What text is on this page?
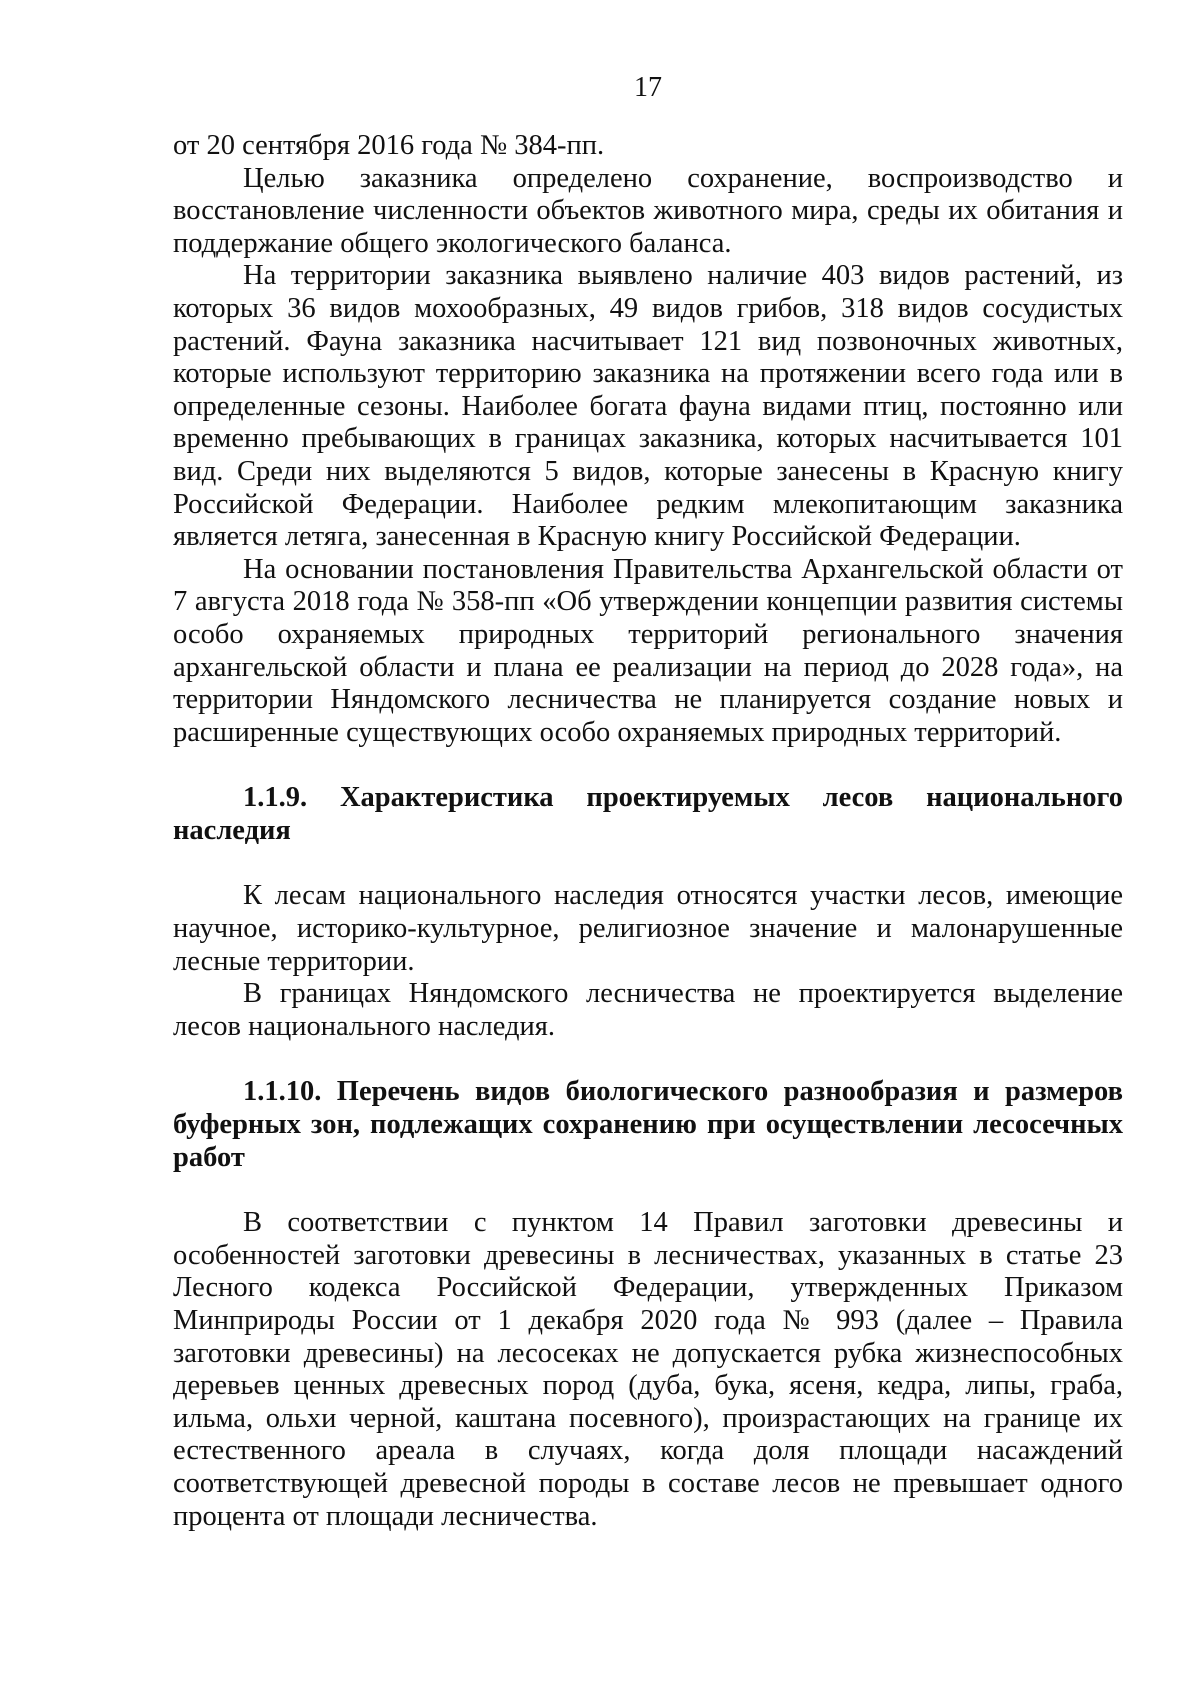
17

от 20 сентября 2016 года № 384-пп.

Целью заказника определено сохранение, воспроизводство и восстановление численности объектов животного мира, среды их обитания и поддержание общего экологического баланса.

На территории заказника выявлено наличие 403 видов растений, из которых 36 видов мохообразных, 49 видов грибов, 318 видов сосудистых растений. Фауна заказника насчитывает 121 вид позвоночных животных, которые используют территорию заказника на протяжении всего года или в определенные сезоны. Наиболее богата фауна видами птиц, постоянно или временно пребывающих в границах заказника, которых насчитывается 101 вид. Среди них выделяются 5 видов, которые занесены в Красную книгу Российской Федерации. Наиболее редким млекопитающим заказника является летяга, занесенная в Красную книгу Российской Федерации.

На основании постановления Правительства Архангельской области от 7 августа 2018 года № 358-пп «Об утверждении концепции развития системы особо охраняемых природных территорий регионального значения архангельской области и плана ее реализации на период до 2028 года», на территории Няндомского лесничества не планируется создание новых и расширенные существующих особо охраняемых природных территорий.

1.1.9. Характеристика проектируемых лесов национального наследия

К лесам национального наследия относятся участки лесов, имеющие научное, историко-культурное, религиозное значение и малонарушенные лесные территории.

В границах Няндомского лесничества не проектируется выделение лесов национального наследия.

1.1.10. Перечень видов биологического разнообразия и размеров буферных зон, подлежащих сохранению при осуществлении лесосечных работ

В соответствии с пунктом 14 Правил заготовки древесины и особенностей заготовки древесины в лесничествах, указанных в статье 23 Лесного кодекса Российской Федерации, утвержденных Приказом Минприроды России от 1 декабря 2020 года № 993 (далее – Правила заготовки древесины) на лесосеках не допускается рубка жизнеспособных деревьев ценных древесных пород (дуба, бука, ясеня, кедра, липы, граба, ильма, ольхи черной, каштана посевного), произрастающих на границе их естественного ареала в случаях, когда доля площади насаждений соответствующей древесной породы в составе лесов не превышает одного процента от площади лесничества.
